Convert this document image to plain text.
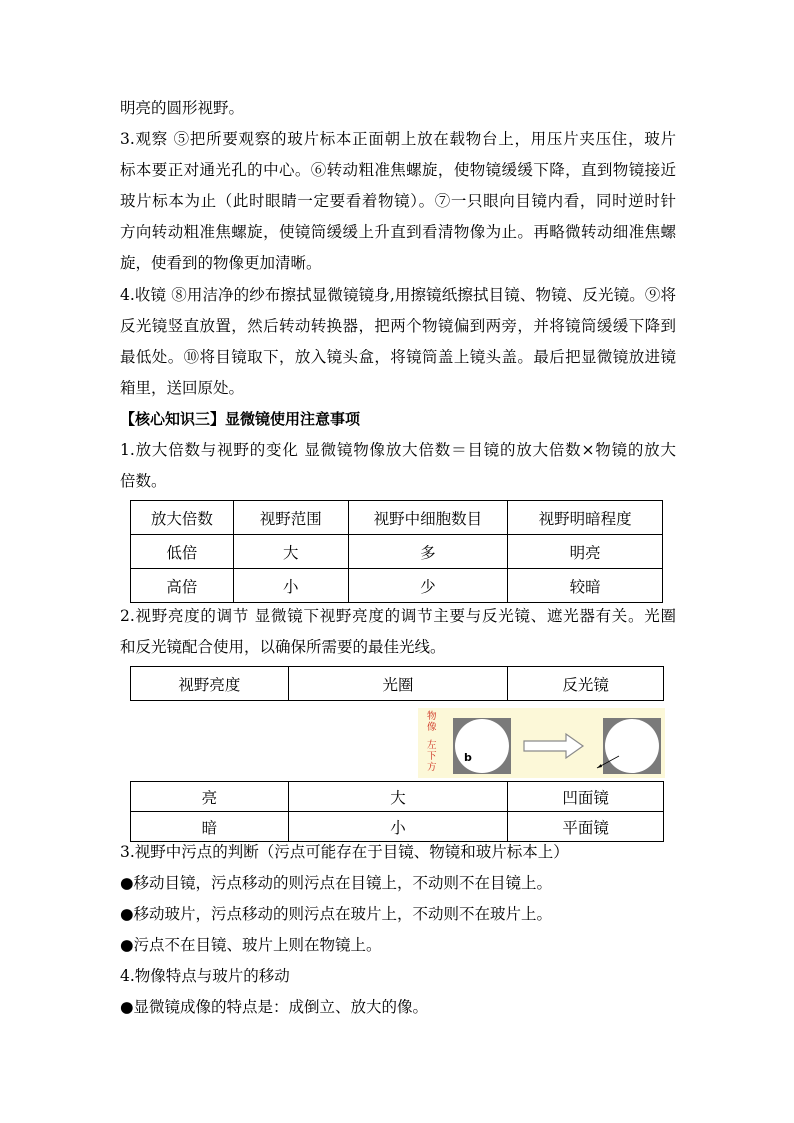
明亮的圆形视野。
3.观察 ⑤把所要观察的玻片标本正面朝上放在载物台上，用压片夹压住，玻片
标本要正对通光孔的中心。⑥转动粗准焦螺旋，使物镜缓缓下降，直到物镜接近
玻片标本为止（此时眼睛一定要看着物镜）。⑦一只眼向目镜内看，同时逆时针
方向转动粗准焦螺旋，使镜筒缓缓上升直到看清物像为止。再略微转动细准焦螺
旋，使看到的物像更加清晰。
4.收镜 ⑧用洁净的纱布擦拭显微镜镜身,用擦镜纸擦拭目镜、物镜、反光镜。⑨将
反光镜竖直放置，然后转动转换器，把两个物镜偏到两旁，并将镜筒缓缓下降到
最低处。⑩将目镜取下，放入镜头盒，将镜筒盖上镜头盖。最后把显微镜放进镜
箱里，送回原处。
【核心知识三】显微镜使用注意事项
1.放大倍数与视野的变化 显微镜物像放大倍数＝目镜的放大倍数×物镜的放大
倍数。
放大倍数	视野范围	视野中细胞数目	视野明暗程度
低倍	大	多	明亮
高倍	小	少	较暗
2.视野亮度的调节 显微镜下视野亮度的调节主要与反光镜、遮光器有关。光圈
和反光镜配合使用，以确保所需要的最佳光线。
视野亮度	光圈	反光镜
物像
左下方
b
亮	大	凹面镜
暗	小	平面镜
3.视野中污点的判断（污点可能存在于目镜、物镜和玻片标本上）
●移动目镜，污点移动的则污点在目镜上，不动则不在目镜上。
●移动玻片，污点移动的则污点在玻片上，不动则不在玻片上。
●污点不在目镜、玻片上则在物镜上。
4.物像特点与玻片的移动
●显微镜成像的特点是：成倒立、放大的像。
